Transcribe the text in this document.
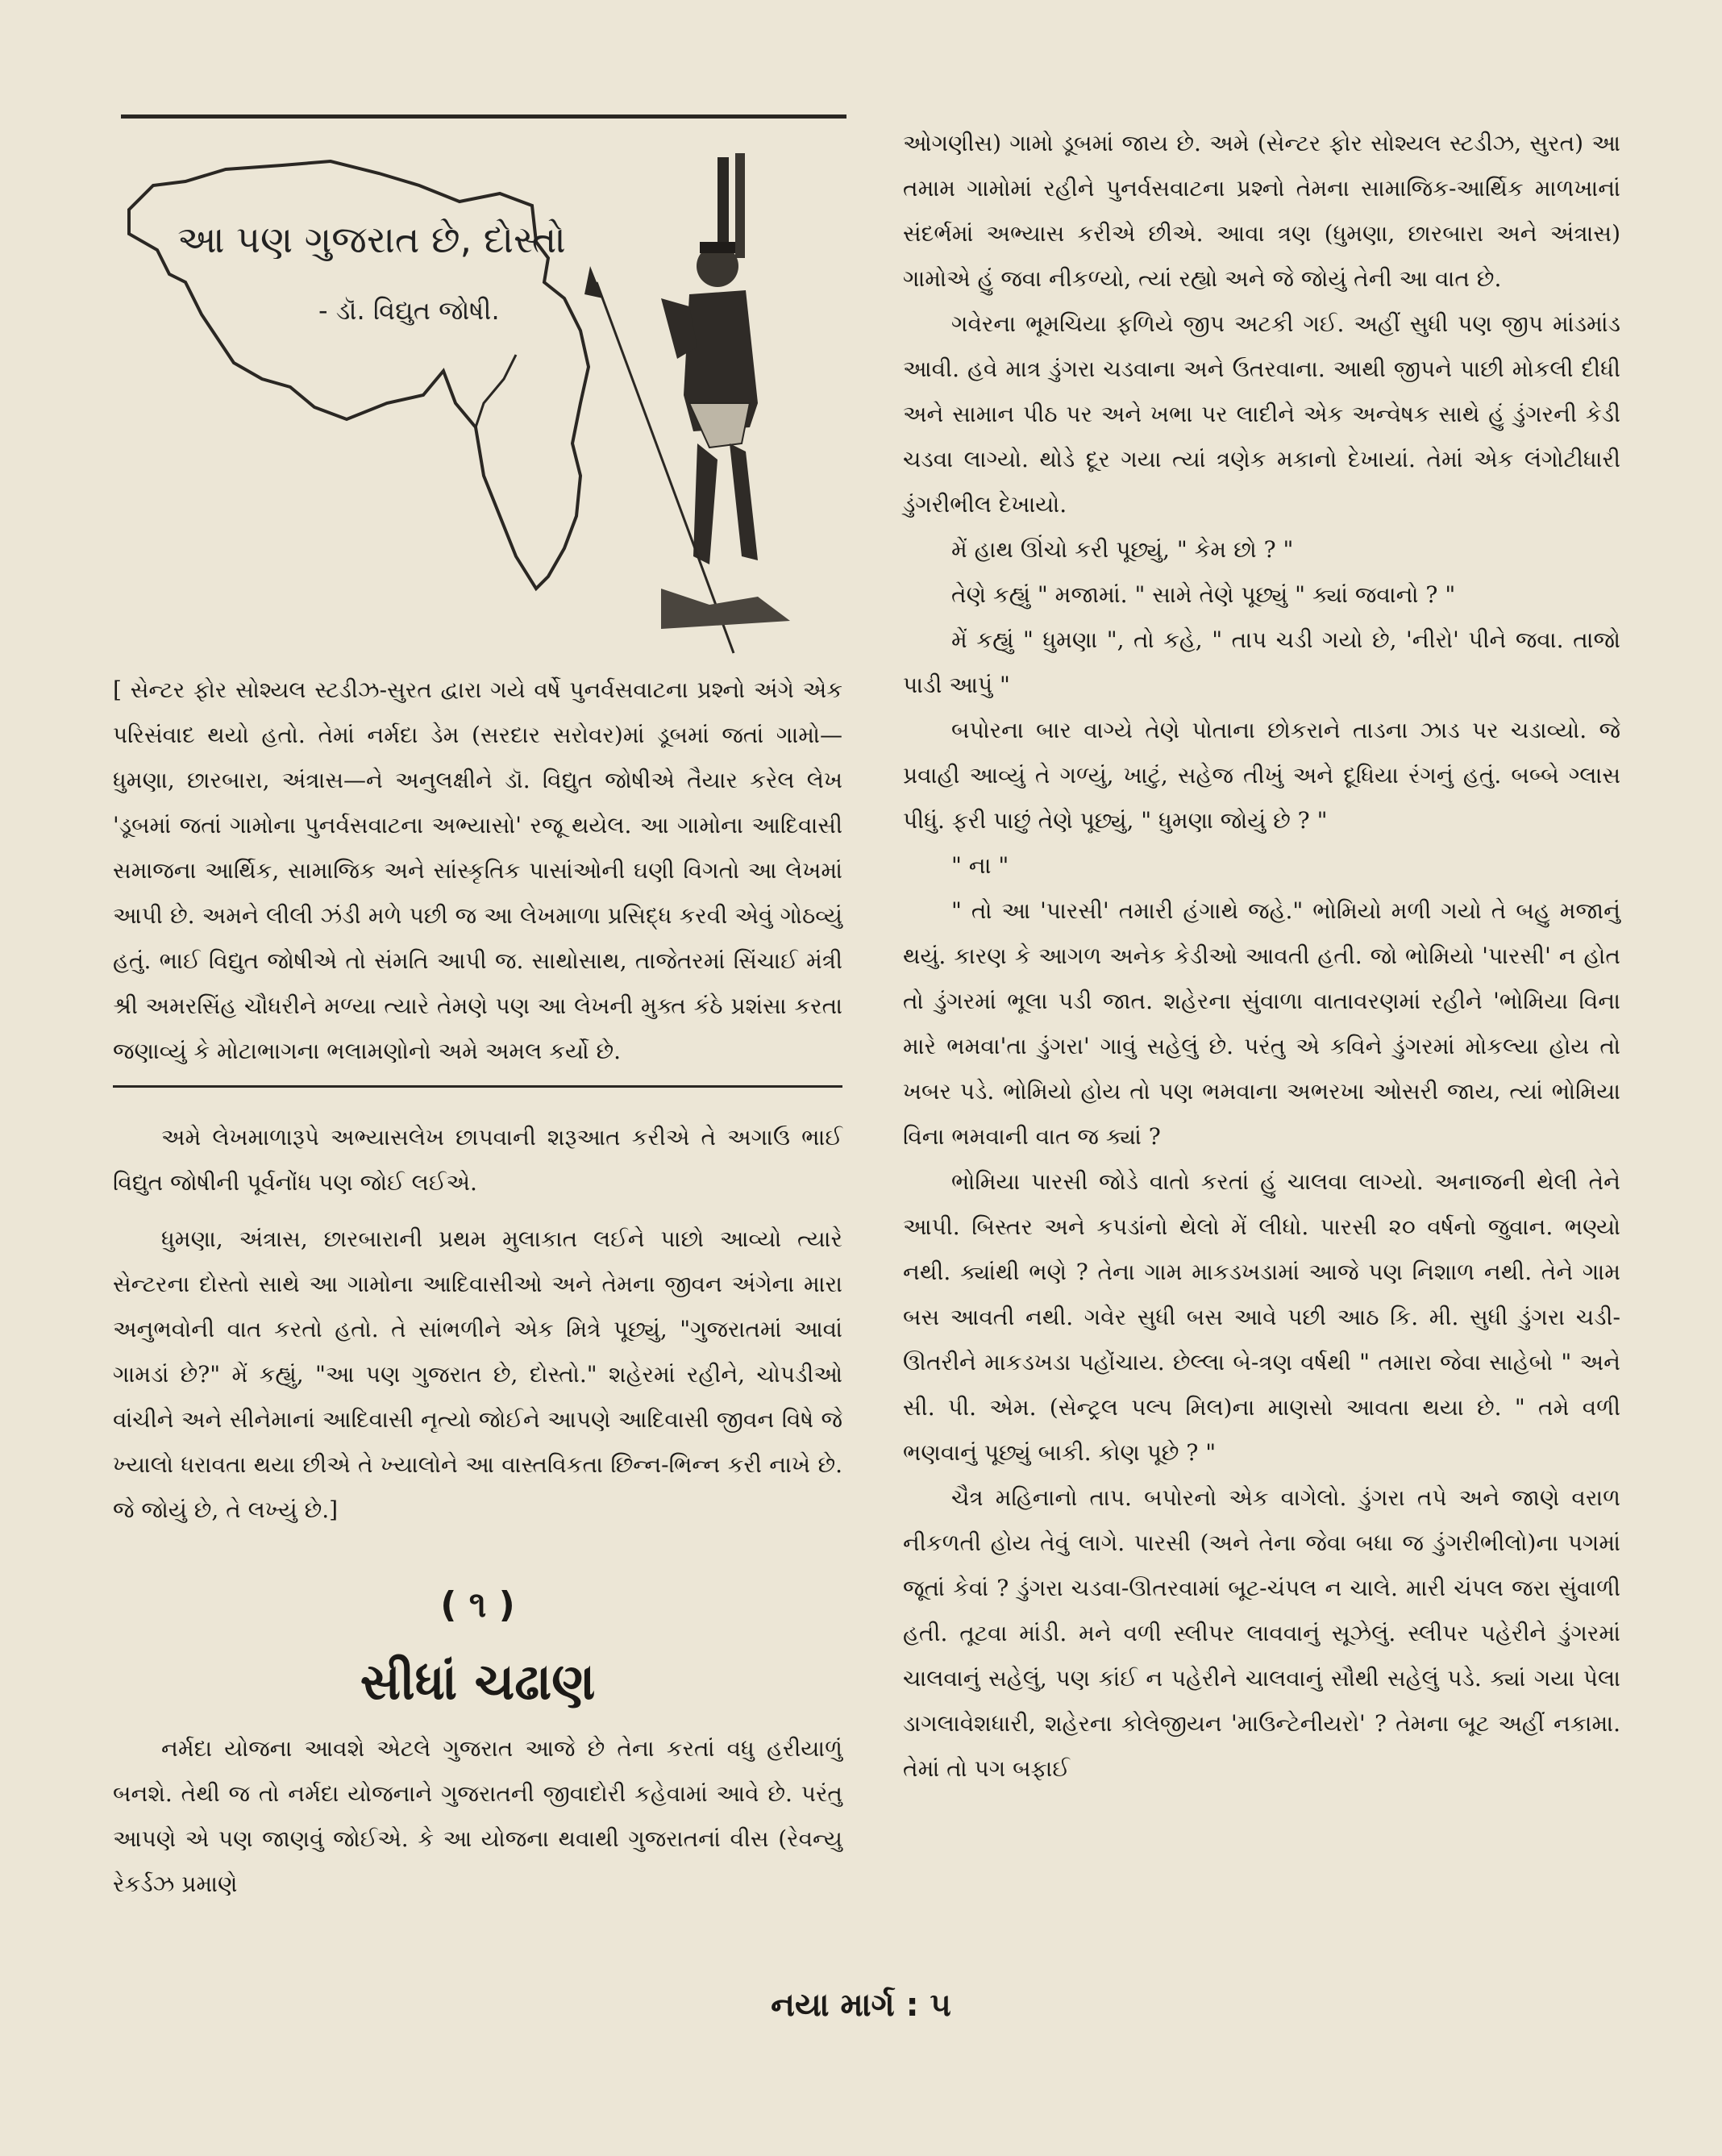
આ પણ ગુજરાત છે, દોસ્તો
- ડૉ. વિદ્યુત જોષી.

[ સેન્ટર ફોર સોશ્યલ સ્ટડીઝ-સુરત દ્વારા ગયે વર્ષે પુનર્વસવાટના પ્રશ્નો અંગે એક પરિસંવાદ થયો હતો. તેમાં નર્મદા ડેમ (સરદાર સરોવર)માં ડૂબમાં જતાં ગામો—ધુમણા, છારબારા, અંત્રાસ—ને અનુલક્ષીને ડૉ. વિદ્યુત જોષીએ તૈયાર કરેલ લેખ 'ડૂબમાં જતાં ગામોના પુનર્વસવાટના અભ્યાસો' રજૂ થયેલ. આ ગામોના આદિવાસી સમાજના આર્થિક, સામાજિક અને સાંસ્કૃતિક પાસાંઓની ઘણી વિગતો આ લેખમાં આપી છે. અમને લીલી ઝંડી મળે પછી જ આ લેખમાળા પ્રસિદ્ધ કરવી એવું ગોઠવ્યું હતું. ભાઈ વિદ્યુત જોષીએ તો સંમતિ આપી જ. સાથોસાથ, તાજેતરમાં સિંચાઈ મંત્રી શ્રી અમરસિંહ ચૌધરીને મળ્યા ત્યારે તેમણે પણ આ લેખની મુક્ત કંઠે પ્રશંસા કરતા જણાવ્યું કે મોટાભાગના ભલામણોનો અમે અમલ કર્યો છે.

અમે લેખમાળારૂપે અભ્યાસલેખ છાપવાની શરૂઆત કરીએ તે અગાઉ ભાઈ વિદ્યુત જોષીની પૂર્વનોંધ પણ જોઈ લઈએ.

ધુમણા, અંત્રાસ, છારબારાની પ્રથમ મુલાકાત લઈને પાછો આવ્યો ત્યારે સેન્ટરના દોસ્તો સાથે આ ગામોના આદિવાસીઓ અને તેમના જીવન અંગેના મારા અનુભવોની વાત કરતો હતો. તે સાંભળીને એક મિત્રે પૂછ્યું, "ગુજરાતમાં આવાં ગામડાં છે?" મેં કહ્યું, "આ પણ ગુજરાત છે, દોસ્તો." શહેરમાં રહીને, ચોપડીઓ વાંચીને અને સીનેમાનાં આદિવાસી નૃત્યો જોઈને આપણે આદિવાસી જીવન વિષે જે ખ્યાલો ધરાવતા થયા છીએ તે ખ્યાલોને આ વાસ્તવિકતા છિન્ન-ભિન્ન કરી નાખે છે. જે જોયું છે, તે લખ્યું છે.]

( ૧ )
સીધાં ચઢાણ

નર્મદા યોજના આવશે એટલે ગુજરાત આજે છે તેના કરતાં વધુ હરીયાળું બનશે. તેથી જ તો નર્મદા યોજનાને ગુજરાતની જીવાદોરી કહેવામાં આવે છે. પરંતુ આપણે એ પણ જાણવું જોઈએ. કે આ યોજના થવાથી ગુજરાતનાં વીસ (રેવન્યુ રેકર્ડઝ પ્રમાણે

ઓગણીસ) ગામો ડૂબમાં જાય છે. અમે (સેન્ટર ફોર સોશ્યલ સ્ટડીઝ, સુરત) આ તમામ ગામોમાં રહીને પુનર્વસવાટના પ્રશ્નો તેમના સામાજિક-આર્થિક માળખાનાં સંદર્ભમાં અભ્યાસ કરીએ છીએ. આવા ત્રણ (ધુમણા, છારબારા અને અંત્રાસ) ગામોએ હું જવા નીકળ્યો, ત્યાં રહ્યો અને જે જોયું તેની આ વાત છે.

ગવેરના ભૂમચિયા ફળિયે જીપ અટકી ગઈ. અહીં સુધી પણ જીપ માંડમાંડ આવી. હવે માત્ર ડુંગરા ચડવાના અને ઉતરવાના. આથી જીપને પાછી મોકલી દીધી અને સામાન પીઠ પર અને ખભા પર લાદીને એક અન્વેષક સાથે હું ડુંગરની કેડી ચડવા લાગ્યો. થોડે દૂર ગયા ત્યાં ત્રણેક મકાનો દેખાયાં. તેમાં એક લંગોટીધારી ડુંગરીભીલ દેખાયો.

મેં હાથ ઊંચો કરી પૂછ્યું, " કેમ છો ? "

તેણે કહ્યું " મજામાં. " સામે તેણે પૂછ્યું " ક્યાં જવાનો ? "

મેં કહ્યું " ધુમણા ", તો કહે, " તાપ ચડી ગયો છે, 'નીરો' પીને જવા. તાજો પાડી આપું "

બપોરના બાર વાગ્યે તેણે પોતાના છોકરાને તાડના ઝાડ પર ચડાવ્યો. જે પ્રવાહી આવ્યું તે ગળ્યું, ખાટું, સહેજ તીખું અને દૂધિયા રંગનું હતું. બબ્બે ગ્લાસ પીધું. ફરી પાછું તેણે પૂછ્યું, " ધુમણા જોયું છે ? "

" ના "

" તો આ 'પારસી' તમારી હંગાથે જહે." ભોમિયો મળી ગયો તે બહુ મજાનું થયું. કારણ કે આગળ અનેક કેડીઓ આવતી હતી. જો ભોમિયો 'પારસી' ન હોત તો ડુંગરમાં ભૂલા પડી જાત. શહેરના સુંવાળા વાતાવરણમાં રહીને 'ભોમિયા વિના મારે ભમવા'તા ડુંગરા' ગાવું સહેલું છે. પરંતુ એ કવિને ડુંગરમાં મોકલ્યા હોય તો ખબર પડે. ભોમિયો હોય તો પણ ભમવાના અભરખા ઓસરી જાય, ત્યાં ભોમિયા વિના ભમવાની વાત જ ક્યાં ?

ભોમિયા પારસી જોડે વાતો કરતાં હું ચાલવા લાગ્યો. અનાજની થેલી તેને આપી. બિસ્તર અને કપડાંનો થેલો મેં લીધો. પારસી ૨૦ વર્ષનો જુવાન. ભણ્યો નથી. ક્યાંથી ભણે ? તેના ગામ માકડખડામાં આજે પણ નિશાળ નથી. તેને ગામ બસ આવતી નથી. ગવેર સુધી બસ આવે પછી આઠ કિ. મી. સુધી ડુંગરા ચડી-ઊતરીને માકડખડા પહોંચાય. છેલ્લા બે-ત્રણ વર્ષથી " તમારા જેવા સાહેબો " અને સી. પી. એમ. (સેન્ટ્રલ પલ્પ મિલ)ના માણસો આવતા થયા છે. " તમે વળી ભણવાનું પૂછ્યું બાકી. કોણ પૂછે ? "

ચૈત્ર મહિનાનો તાપ. બપોરનો એક વાગેલો. ડુંગરા તપે અને જાણે વરાળ નીકળતી હોય તેવું લાગે. પારસી (અને તેના જેવા બધા જ ડુંગરીભીલો)ના પગમાં જૂતાં કેવાં ? ડુંગરા ચડવા-ઊતરવામાં બૂટ-ચંપલ ન ચાલે. મારી ચંપલ જરા સુંવાળી હતી. તૂટવા માંડી. મને વળી સ્લીપર લાવવાનું સૂઝેલું. સ્લીપર પહેરીને ડુંગરમાં ચાલવાનું સહેલું, પણ કાંઈ ન પહેરીને ચાલવાનું સૌથી સહેલું પડે. ક્યાં ગયા પેલા ડાગલાવેશધારી, શહેરના કોલેજીયન 'માઉન્ટેનીયરો' ? તેમના બૂટ અહીં નકામા. તેમાં તો પગ બફાઈ

નયા માર્ગ : ૫
